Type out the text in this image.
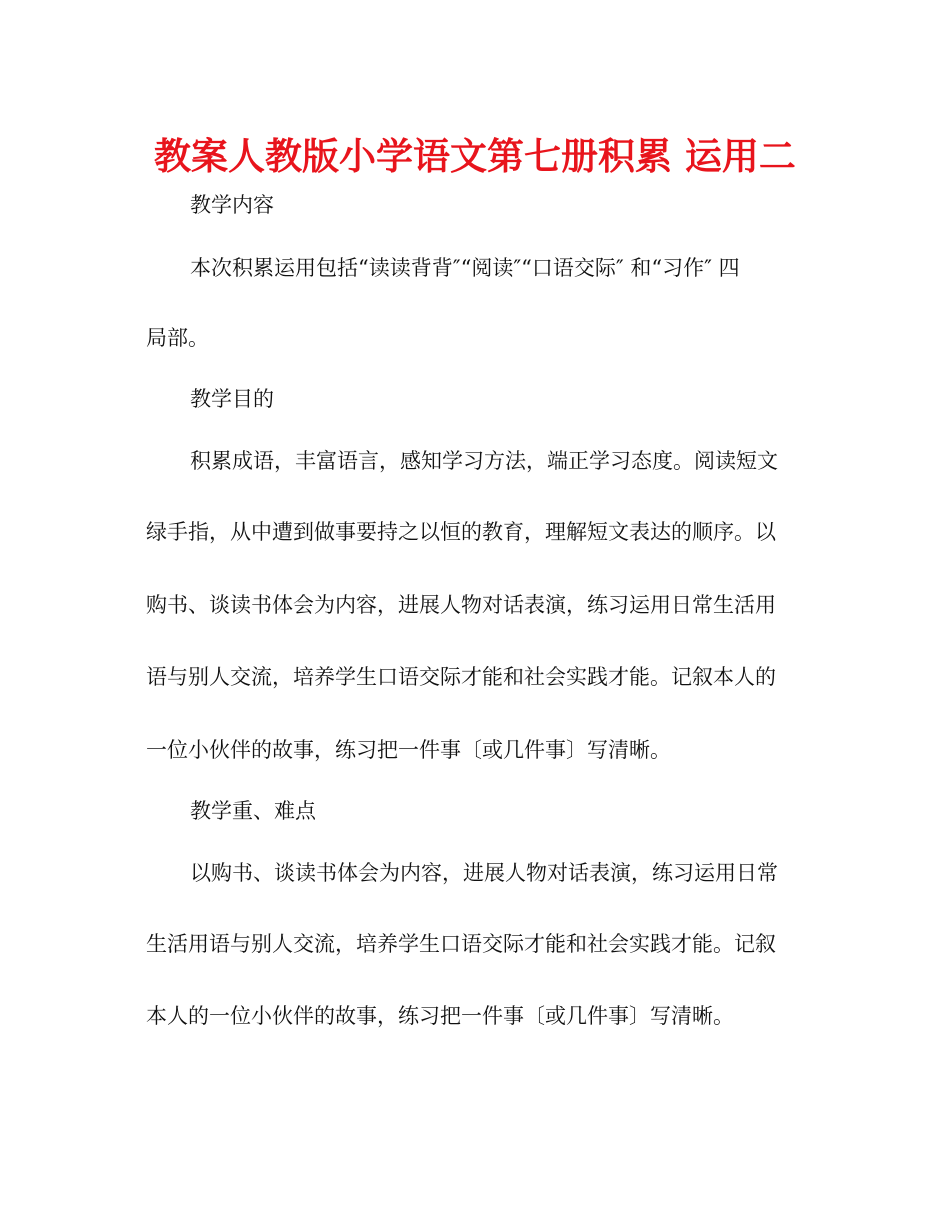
教案人教版小学语文第七册积累 运用二
教学内容
本次积累运用包括“读读背背″“阅读″“口语交际″ 和“习作″ 四
局部。
教学目的
积累成语，丰富语言，感知学习方法，端正学习态度。阅读短文
绿手指，从中遭到做事要持之以恒的教育，理解短文表达的顺序。以
购书、谈读书体会为内容，进展人物对话表演，练习运用日常生活用
语与别人交流，培养学生口语交际才能和社会实践才能。记叙本人的
一位小伙伴的故事，练习把一件事〔或几件事〕写清晰。
教学重、难点
以购书、谈读书体会为内容，进展人物对话表演，练习运用日常
生活用语与别人交流，培养学生口语交际才能和社会实践才能。记叙
本人的一位小伙伴的故事，练习把一件事〔或几件事〕写清晰。
